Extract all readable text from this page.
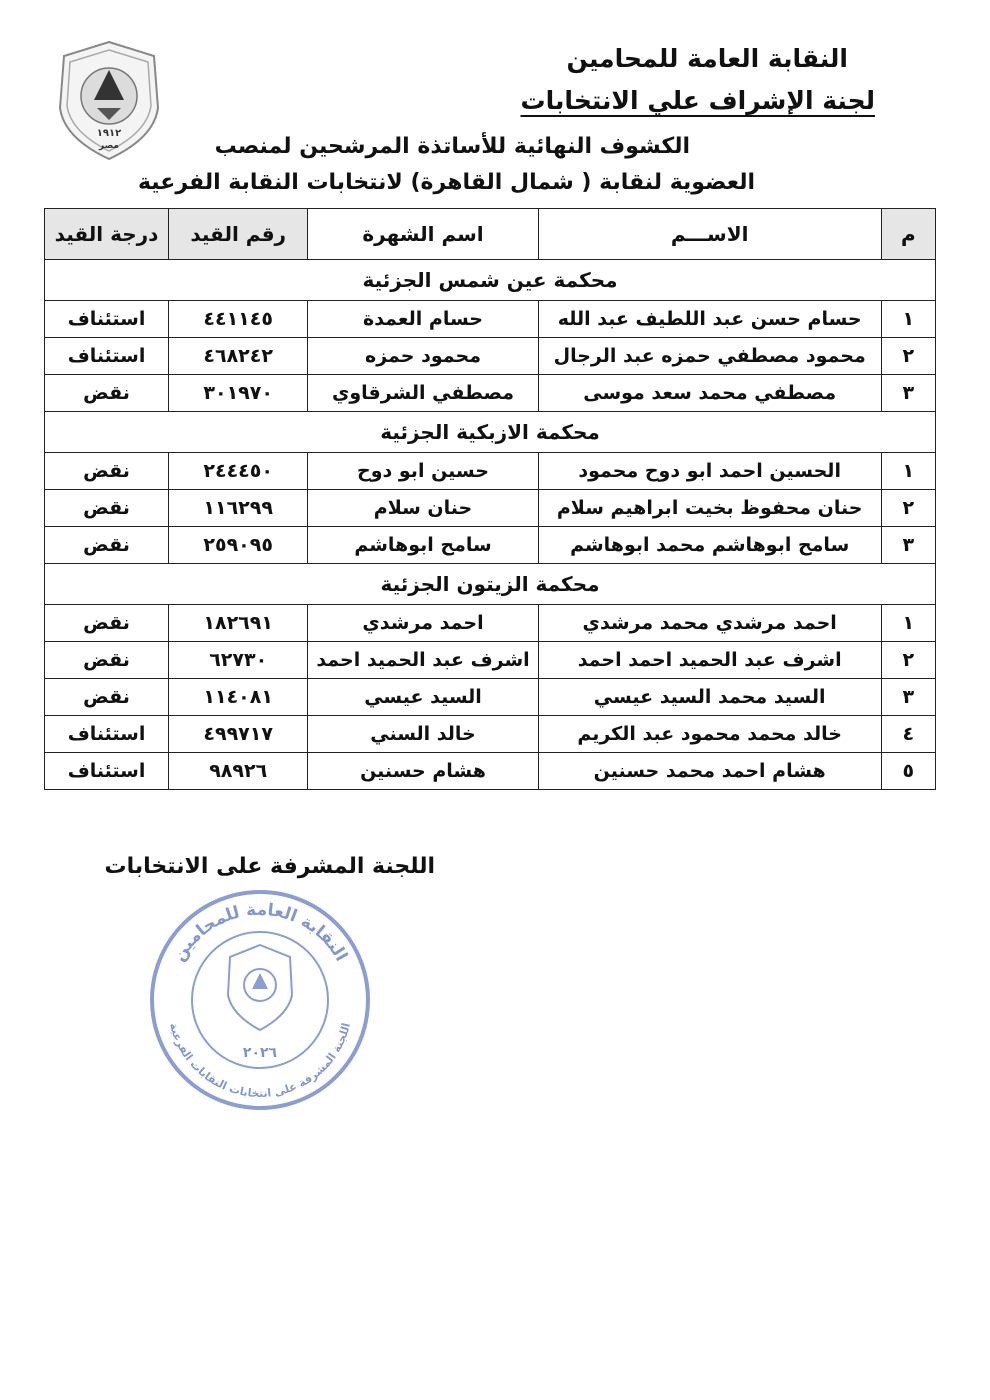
١٩١٢
مصر
النقابة العامة للمحامين
لجنة الإشراف علي الانتخابات
الكشوف النهائية للأساتذة المرشحين لمنصب
العضوية لنقابة ( شمال القاهرة) لانتخابات النقابة الفرعية
م	الاســـم	اسم الشهرة	رقم القيد	درجة القيد
محكمة عين شمس الجزئية				
١	حسام حسن عبد اللطيف عبد الله	حسام العمدة	٤٤١١٤٥	استئناف
٢	محمود مصطفي حمزه عبد الرجال	محمود حمزه	٤٦٨٢٤٢	استئناف
٣	مصطفي محمد سعد موسى	مصطفي الشرقاوي	٣٠١٩٧٠	نقض
محكمة الازبكية الجزئية				
١	الحسين احمد ابو دوح محمود	حسين ابو دوح	٢٤٤٤٥٠	نقض
٢	حنان محفوظ بخيت ابراهيم سلام	حنان سلام	١١٦٢٩٩	نقض
٣	سامح ابوهاشم محمد ابوهاشم	سامح ابوهاشم	٢٥٩٠٩٥	نقض
محكمة الزيتون الجزئية				
١	احمد مرشدي محمد مرشدي	احمد مرشدي	١٨٢٦٩١	نقض
٢	اشرف عبد الحميد احمد احمد	اشرف عبد الحميد احمد	٦٢٧٣٠	نقض
٣	السيد محمد السيد عيسي	السيد عيسي	١١٤٠٨١	نقض
٤	خالد محمد محمود عبد الكريم	خالد السني	٤٩٩٧١٧	استئناف
٥	هشام احمد محمد حسنين	هشام حسنين	٩٨٩٢٦	استئناف
اللجنة المشرفة على الانتخابات
النقابة العامة للمحامين
اللجنة المشرفة على انتخابات النقابات الفرعية
٢٠٢٦
